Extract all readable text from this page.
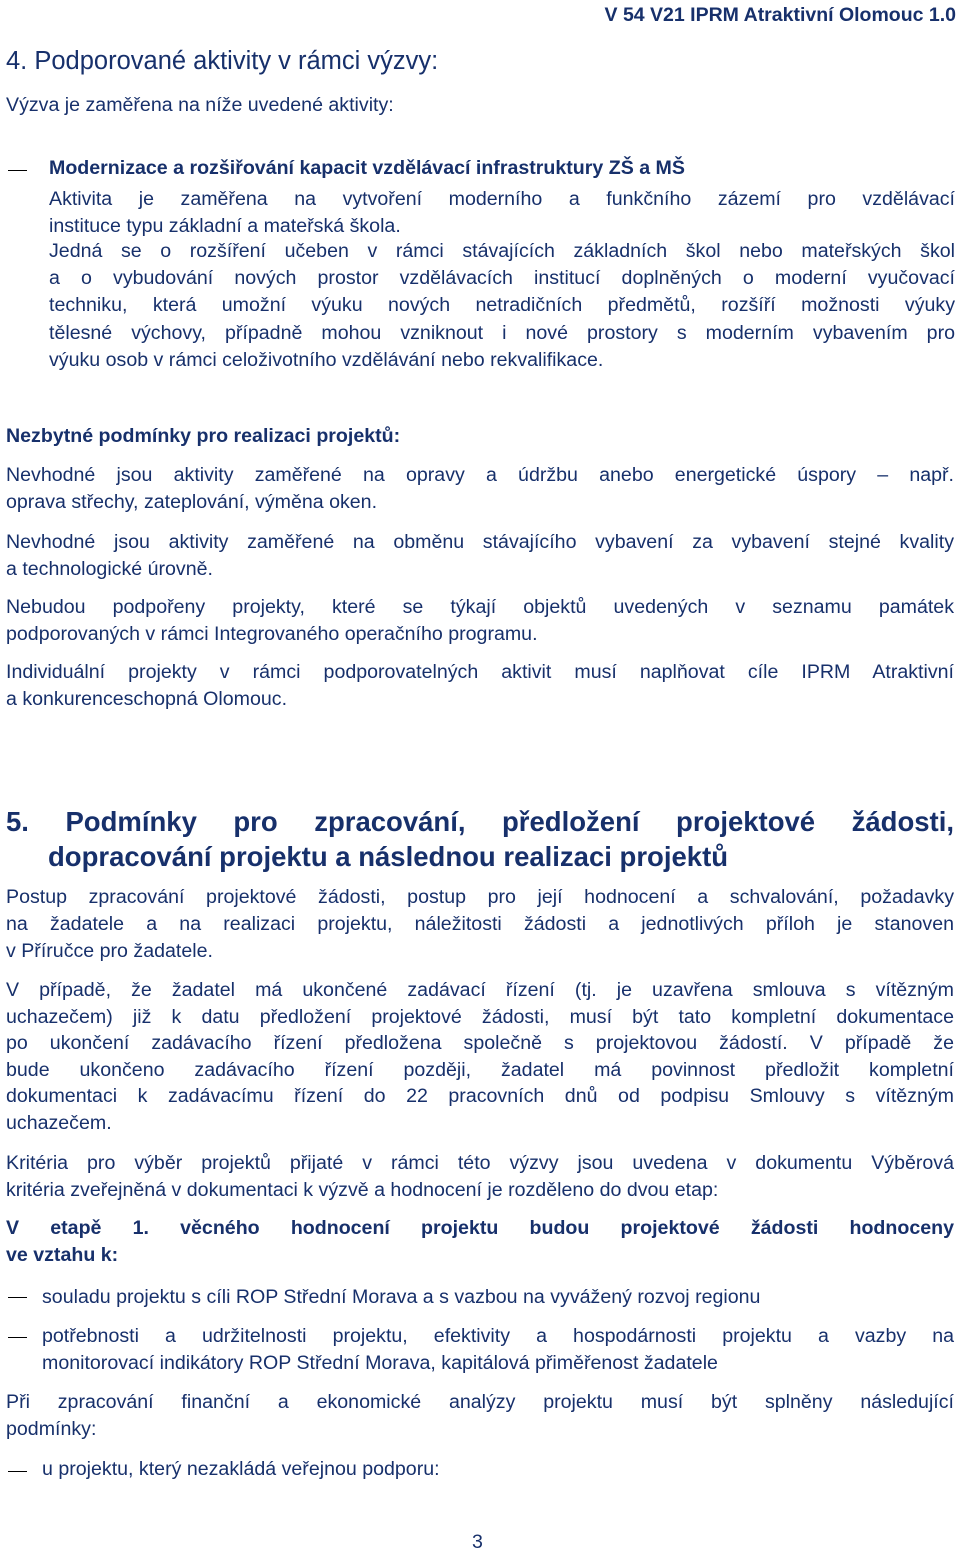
V 54 V21 IPRM Atraktivní Olomouc 1.0
4. Podporované aktivity v rámci výzvy:
Výzva je zaměřena na níže uvedené aktivity:
Modernizace a rozšiřování kapacit vzdělávací infrastruktury ZŠ a MŠ
Aktivita je zaměřena na vytvoření moderního a funkčního zázemí pro vzdělávací
instituce typu základní a mateřská škola.
Jedná se o rozšíření učeben v rámci stávajících základních škol nebo mateřských škol
a o vybudování nových prostor vzdělávacích institucí doplněných o moderní vyučovací
techniku, která umožní výuku nových netradičních předmětů, rozšíří možnosti výuky
tělesné výchovy, případně mohou vzniknout i nové prostory s moderním vybavením pro
výuku osob v rámci celoživotního vzdělávání nebo rekvalifikace.
Nezbytné podmínky pro realizaci projektů:
Nevhodné jsou aktivity zaměřené na opravy a údržbu anebo energetické úspory – např.
oprava střechy, zateplování, výměna oken.
Nevhodné jsou aktivity zaměřené na obměnu stávajícího vybavení za vybavení stejné kvality
a technologické úrovně.
Nebudou podpořeny projekty, které se týkají objektů uvedených v seznamu památek
podporovaných v rámci Integrovaného operačního programu.
Individuální projekty v rámci podporovatelných aktivit musí naplňovat cíle IPRM Atraktivní
a konkurenceschopná Olomouc.
5. Podmínky pro zpracování, předložení projektové žádosti,
dopracování projektu a následnou realizaci projektů
Postup zpracování projektové žádosti, postup pro její hodnocení a schvalování, požadavky
na žadatele a na realizaci projektu, náležitosti žádosti a jednotlivých příloh je stanoven
v Příručce pro žadatele.
V případě, že žadatel má ukončené zadávací řízení (tj. je uzavřena smlouva s vítězným
uchazečem) již k datu předložení projektové žádosti, musí být tato kompletní dokumentace
po ukončení zadávacího řízení předložena společně s projektovou žádostí. V případě že
bude ukončeno zadávacího řízení později, žadatel má povinnost předložit kompletní
dokumentaci k zadávacímu řízení do 22 pracovních dnů od podpisu Smlouvy s vítězným
uchazečem.
Kritéria pro výběr projektů přijaté v rámci této výzvy jsou uvedena v dokumentu Výběrová
kritéria zveřejněná v dokumentaci k výzvě a hodnocení je rozděleno do dvou etap:
V etapě 1. věcného hodnocení projektu budou projektové žádosti hodnoceny
ve vztahu k:
souladu projektu s cíli ROP Střední Morava a s vazbou na vyvážený rozvoj regionu
potřebnosti a udržitelnosti projektu, efektivity a hospodárnosti projektu a vazby na
monitorovací indikátory ROP Střední Morava, kapitálová přiměřenost žadatele
Při zpracování finanční a ekonomické analýzy projektu musí být splněny následující
podmínky:
u projektu, který nezakládá veřejnou podporu:
3
